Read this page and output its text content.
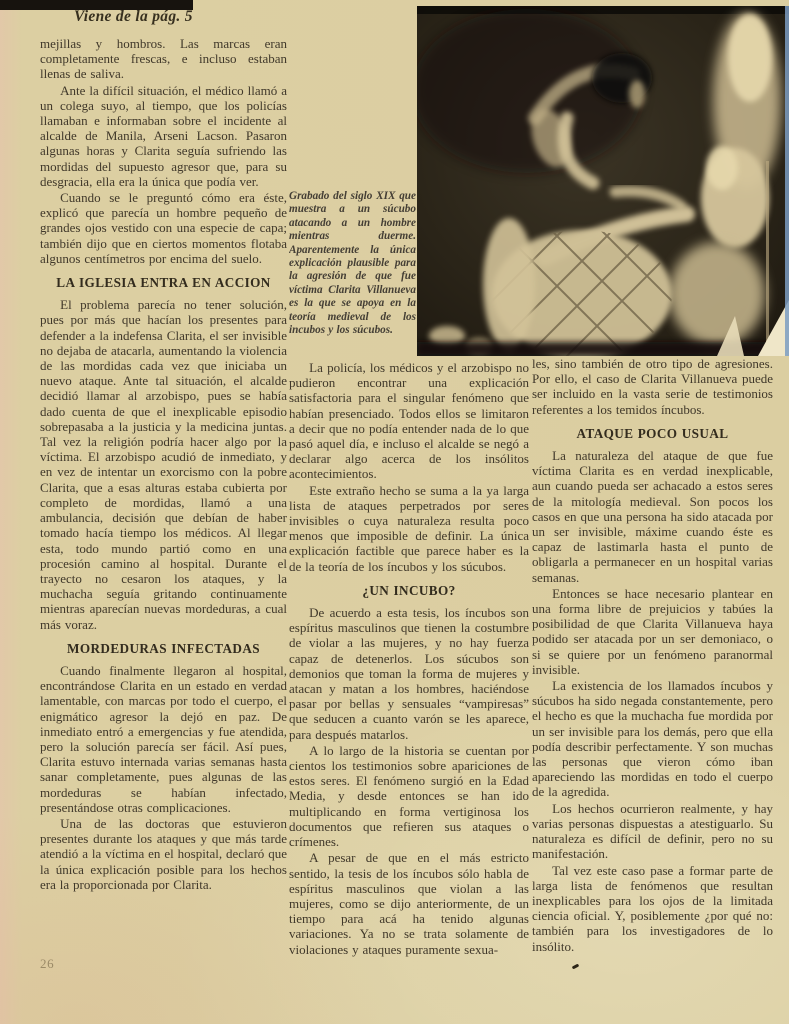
Viene de la pág. 5

mejillas y hombros. Las marcas eran completamente frescas, e incluso estaban llenas de saliva.

Ante la difícil situación, el médico llamó a un colega suyo, al tiempo, que los policías llamaban e informaban sobre el incidente al alcalde de Manila, Arseni Lacson. Pasaron algunas horas y Clarita seguía sufriendo las mordidas del supuesto agresor que, para su desgracia, ella era la única que podía ver.

Cuando se le preguntó cómo era éste, explicó que parecía un hombre pequeño de grandes ojos vestido con una especie de capa; también dijo que en ciertos momentos flotaba algunos centímetros por encima del suelo.

LA IGLESIA ENTRA EN ACCION

El problema parecía no tener solución, pues por más que hacían los presentes para defender a la indefensa Clarita, el ser invisible no dejaba de atacarla, aumentando la violencia de las mordidas cada vez que iniciaba un nuevo ataque. Ante tal situación, el alcalde decidió llamar al arzobispo, pues se había dado cuenta de que el inexplicable episodio sobrepasaba a la justicia y la medicina juntas. Tal vez la religión podría hacer algo por la víctima. El arzobispo acudió de inmediato, y en vez de intentar un exorcismo con la pobre Clarita, que a esas alturas estaba cubierta por completo de mordidas, llamó a una ambulancia, decisión que debían de haber tomado hacía tiempo los médicos. Al llegar esta, todo mundo partió como en una procesión camino al hospital. Durante el trayecto no cesaron los ataques, y la muchacha seguía gritando continuamente mientras aparecían nuevas mordeduras, a cual más voraz.

MORDEDURAS INFECTADAS

Cuando finalmente llegaron al hospital, encontrándose Clarita en un estado en verdad lamentable, con marcas por todo el cuerpo, el enigmático agresor la dejó en paz. De inmediato entró a emergencias y fue atendida, pero la solución parecía ser fácil. Así pues, Clarita estuvo internada varias semanas hasta sanar completamente, pues algunas de las mordeduras se habían infectado, presentándose otras complicaciones.

Una de las doctoras que estuvieron presentes durante los ataques y que más tarde atendió a la víctima en el hospital, declaró que la única explicación posible para los hechos era la proporcionada por Clarita.

Grabado del siglo XIX que muestra a un súcubo atacando a un hombre mientras duerme. Aparentemente la única explicación plausible para la agresión de que fue víctima Clarita Villanueva es la que se apoya en la teoría medieval de los incubos y los súcubos.

La policía, los médicos y el arzobispo no pudieron encontrar una explicación satisfactoria para el singular fenómeno que habían presenciado. Todos ellos se limitaron a decir que no podía entender nada de lo que pasó aquel día, e incluso el alcalde se negó a declarar algo acerca de los insólitos acontecimientos.

Este extraño hecho se suma a la ya larga lista de ataques perpetrados por seres invisibles o cuya naturaleza resulta poco menos que imposible de definir. La única explicación factible que parece haber es la de la teoría de los íncubos y los súcubos.

¿UN INCUBO?

De acuerdo a esta tesis, los íncubos son espíritus masculinos que tienen la costumbre de violar a las mujeres, y no hay fuerza capaz de detenerlos. Los súcubos son demonios que toman la forma de mujeres y atacan y matan a los hombres, haciéndose pasar por bellas y sensuales “vampiresas” que seducen a cuanto varón se les aparece, para después matarlos.

A lo largo de la historia se cuentan por cientos los testimonios sobre apariciones de estos seres. El fenómeno surgió en la Edad Media, y desde entonces se han ido multiplicando en forma vertiginosa los documentos que refieren sus ataques o crímenes.

A pesar de que en el más estricto sentido, la tesis de los íncubos sólo habla de espíritus masculinos que violan a las mujeres, como se dijo anteriormente, de un tiempo para acá ha tenido algunas variaciones. Ya no se trata solamente de violaciones y ataques puramente sexua-

les, sino también de otro tipo de agresiones. Por ello, el caso de Clarita Villanueva puede ser incluido en la vasta serie de testimonios referentes a los temidos íncubos.

ATAQUE POCO USUAL

La naturaleza del ataque de que fue víctima Clarita es en verdad inexplicable, aun cuando pueda ser achacado a estos seres de la mitología medieval. Son pocos los casos en que una persona ha sido atacada por un ser invisible, máxime cuando éste es capaz de lastimarla hasta el punto de obligarla a permanecer en un hospital varias semanas.

Entonces se hace necesario plantear en una forma libre de prejuicios y tabúes la posibilidad de que Clarita Villanueva haya podido ser atacada por un ser demoniaco, o si se quiere por un fenómeno paranormal invisible.

La existencia de los llamados íncubos y súcubos ha sido negada constantemente, pero el hecho es que la muchacha fue mordida por un ser invisible para los demás, pero que ella podía describir perfectamente. Y son muchas las personas que vieron cómo iban apareciendo las mordidas en todo el cuerpo de la agredida.

Los hechos ocurrieron realmente, y hay varias personas dispuestas a atestiguarlo. Su naturaleza es difícil de definir, pero no su manifestación.

Tal vez este caso pase a formar parte de larga lista de fenómenos que resultan inexplicables para los ojos de la limitada ciencia oficial. Y, posiblemente ¿por qué no: también para los investigadores de lo insólito.

26
